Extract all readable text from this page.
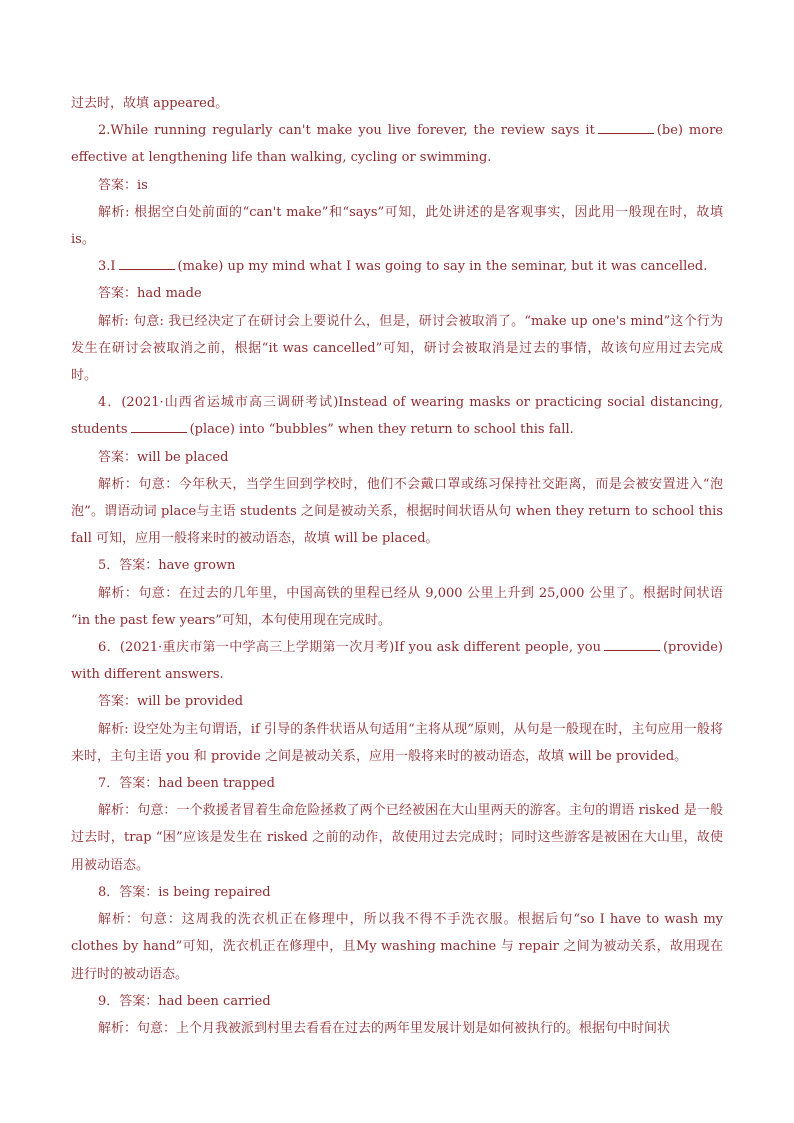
过去时，故填 appeared。

2.While running regularly can't make you live forever, the review says it	(be) more effective at lengthening life than walking, cycling or swimming.

答案：is

解析: 根据空白处前面的“can't make”和“says”可知，此处讲述的是客观事实，因此用一般现在时，故填 is。

3.I	(make) up my mind what I was going to say in the seminar, but it was cancelled.

答案：had made

解析: 句意: 我已经决定了在研讨会上要说什么，但是，研讨会被取消了。“make up one's mind”这个行为发生在研讨会被取消之前，根据“it was cancelled”可知，研讨会被取消是过去的事情，故该句应用过去完成时。

4．(2021·山西省运城市高三调研考试)Instead of wearing masks or practicing social distancing, students	(place) into “bubbles” when they return to school this fall.

答案：will be placed

解析：句意：今年秋天，当学生回到学校时，他们不会戴口罩或练习保持社交距离，而是会被安置进入“泡泡”。谓语动词 place与主语 students 之间是被动关系，根据时间状语从句 when they return to school this fall 可知，应用一般将来时的被动语态，故填 will be placed。

5．答案：have grown

解析：句意：在过去的几年里，中国高铁的里程已经从 9,000 公里上升到 25,000 公里了。根据时间状语 “in the past few years”可知，本句使用现在完成时。

6．(2021·重庆市第一中学高三上学期第一次月考)If you ask different people, you	(provide) with different answers.

答案：will be provided

解析: 设空处为主句谓语，if 引导的条件状语从句适用“主将从现”原则，从句是一般现在时，主句应用一般将来时，主句主语 you 和 provide 之间是被动关系，应用一般将来时的被动语态，故填 will be provided。

7．答案：had been trapped

解析：句意：一个救援者冒着生命危险拯救了两个已经被困在大山里两天的游客。主句的谓语 risked 是一般过去时，trap “困”应该是发生在 risked 之前的动作，故使用过去完成时；同时这些游客是被困在大山里，故使用被动语态。

8．答案：is being repaired

解析：句意：这周我的洗衣机正在修理中，所以我不得不手洗衣服。根据后句“so I have to wash my clothes by hand”可知，洗衣机正在修理中，且My washing machine 与 repair 之间为被动关系，故用现在进行时的被动语态。

9．答案：had been carried

解析：句意：上个月我被派到村里去看看在过去的两年里发展计划是如何被执行的。根据句中时间状
